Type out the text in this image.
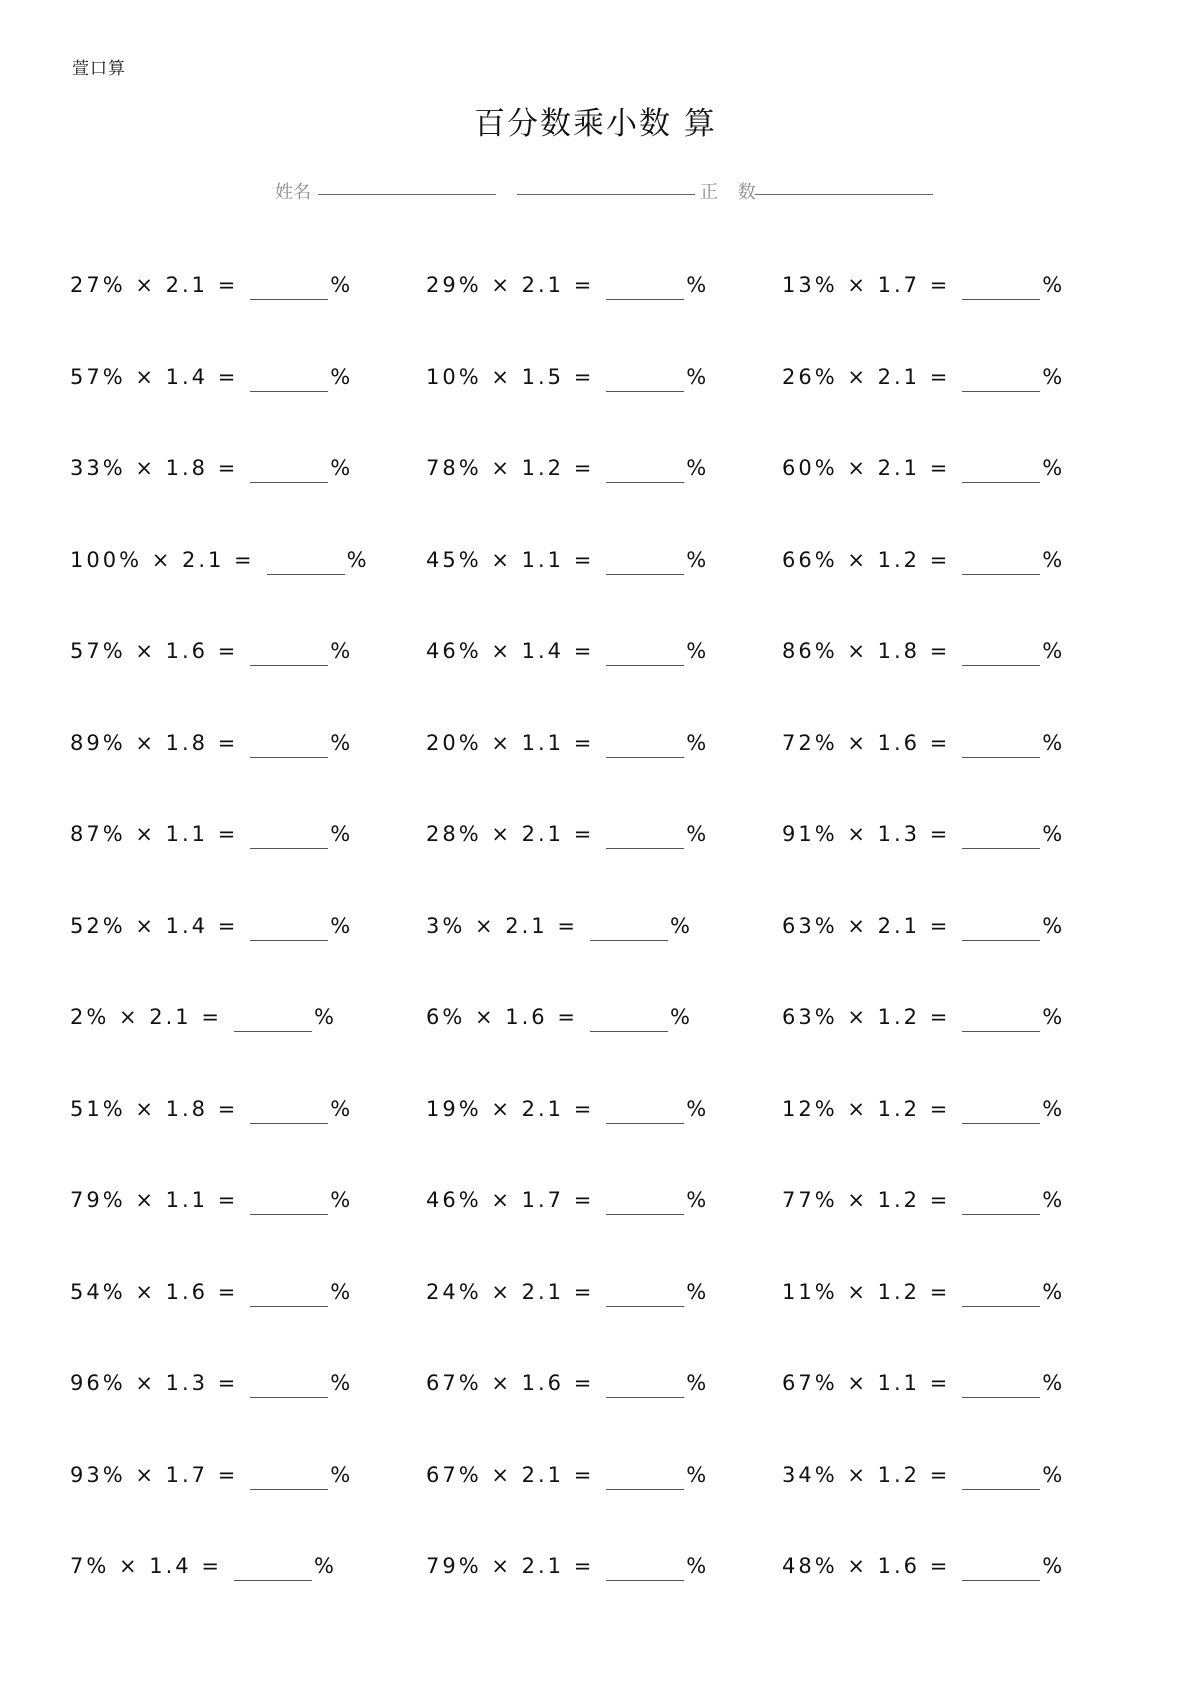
萱口算
百分数乘小数 算
姓名	正 数
27% × 2.1 =	%	29% × 2.1 =	%	13% × 1.7 =	%
57% × 1.4 =	%	10% × 1.5 =	%	26% × 2.1 =	%
33% × 1.8 =	%	78% × 1.2 =	%	60% × 2.1 =	%
100% × 2.1 =	%	45% × 1.1 =	%	66% × 1.2 =	%
57% × 1.6 =	%	46% × 1.4 =	%	86% × 1.8 =	%
89% × 1.8 =	%	20% × 1.1 =	%	72% × 1.6 =	%
87% × 1.1 =	%	28% × 2.1 =	%	91% × 1.3 =	%
52% × 1.4 =	%	3% × 2.1 =	%	63% × 2.1 =	%
2% × 2.1 =	%	6% × 1.6 =	%	63% × 1.2 =	%
51% × 1.8 =	%	19% × 2.1 =	%	12% × 1.2 =	%
79% × 1.1 =	%	46% × 1.7 =	%	77% × 1.2 =	%
54% × 1.6 =	%	24% × 2.1 =	%	11% × 1.2 =	%
96% × 1.3 =	%	67% × 1.6 =	%	67% × 1.1 =	%
93% × 1.7 =	%	67% × 2.1 =	%	34% × 1.2 =	%
7% × 1.4 =	%	79% × 2.1 =	%	48% × 1.6 =	%
